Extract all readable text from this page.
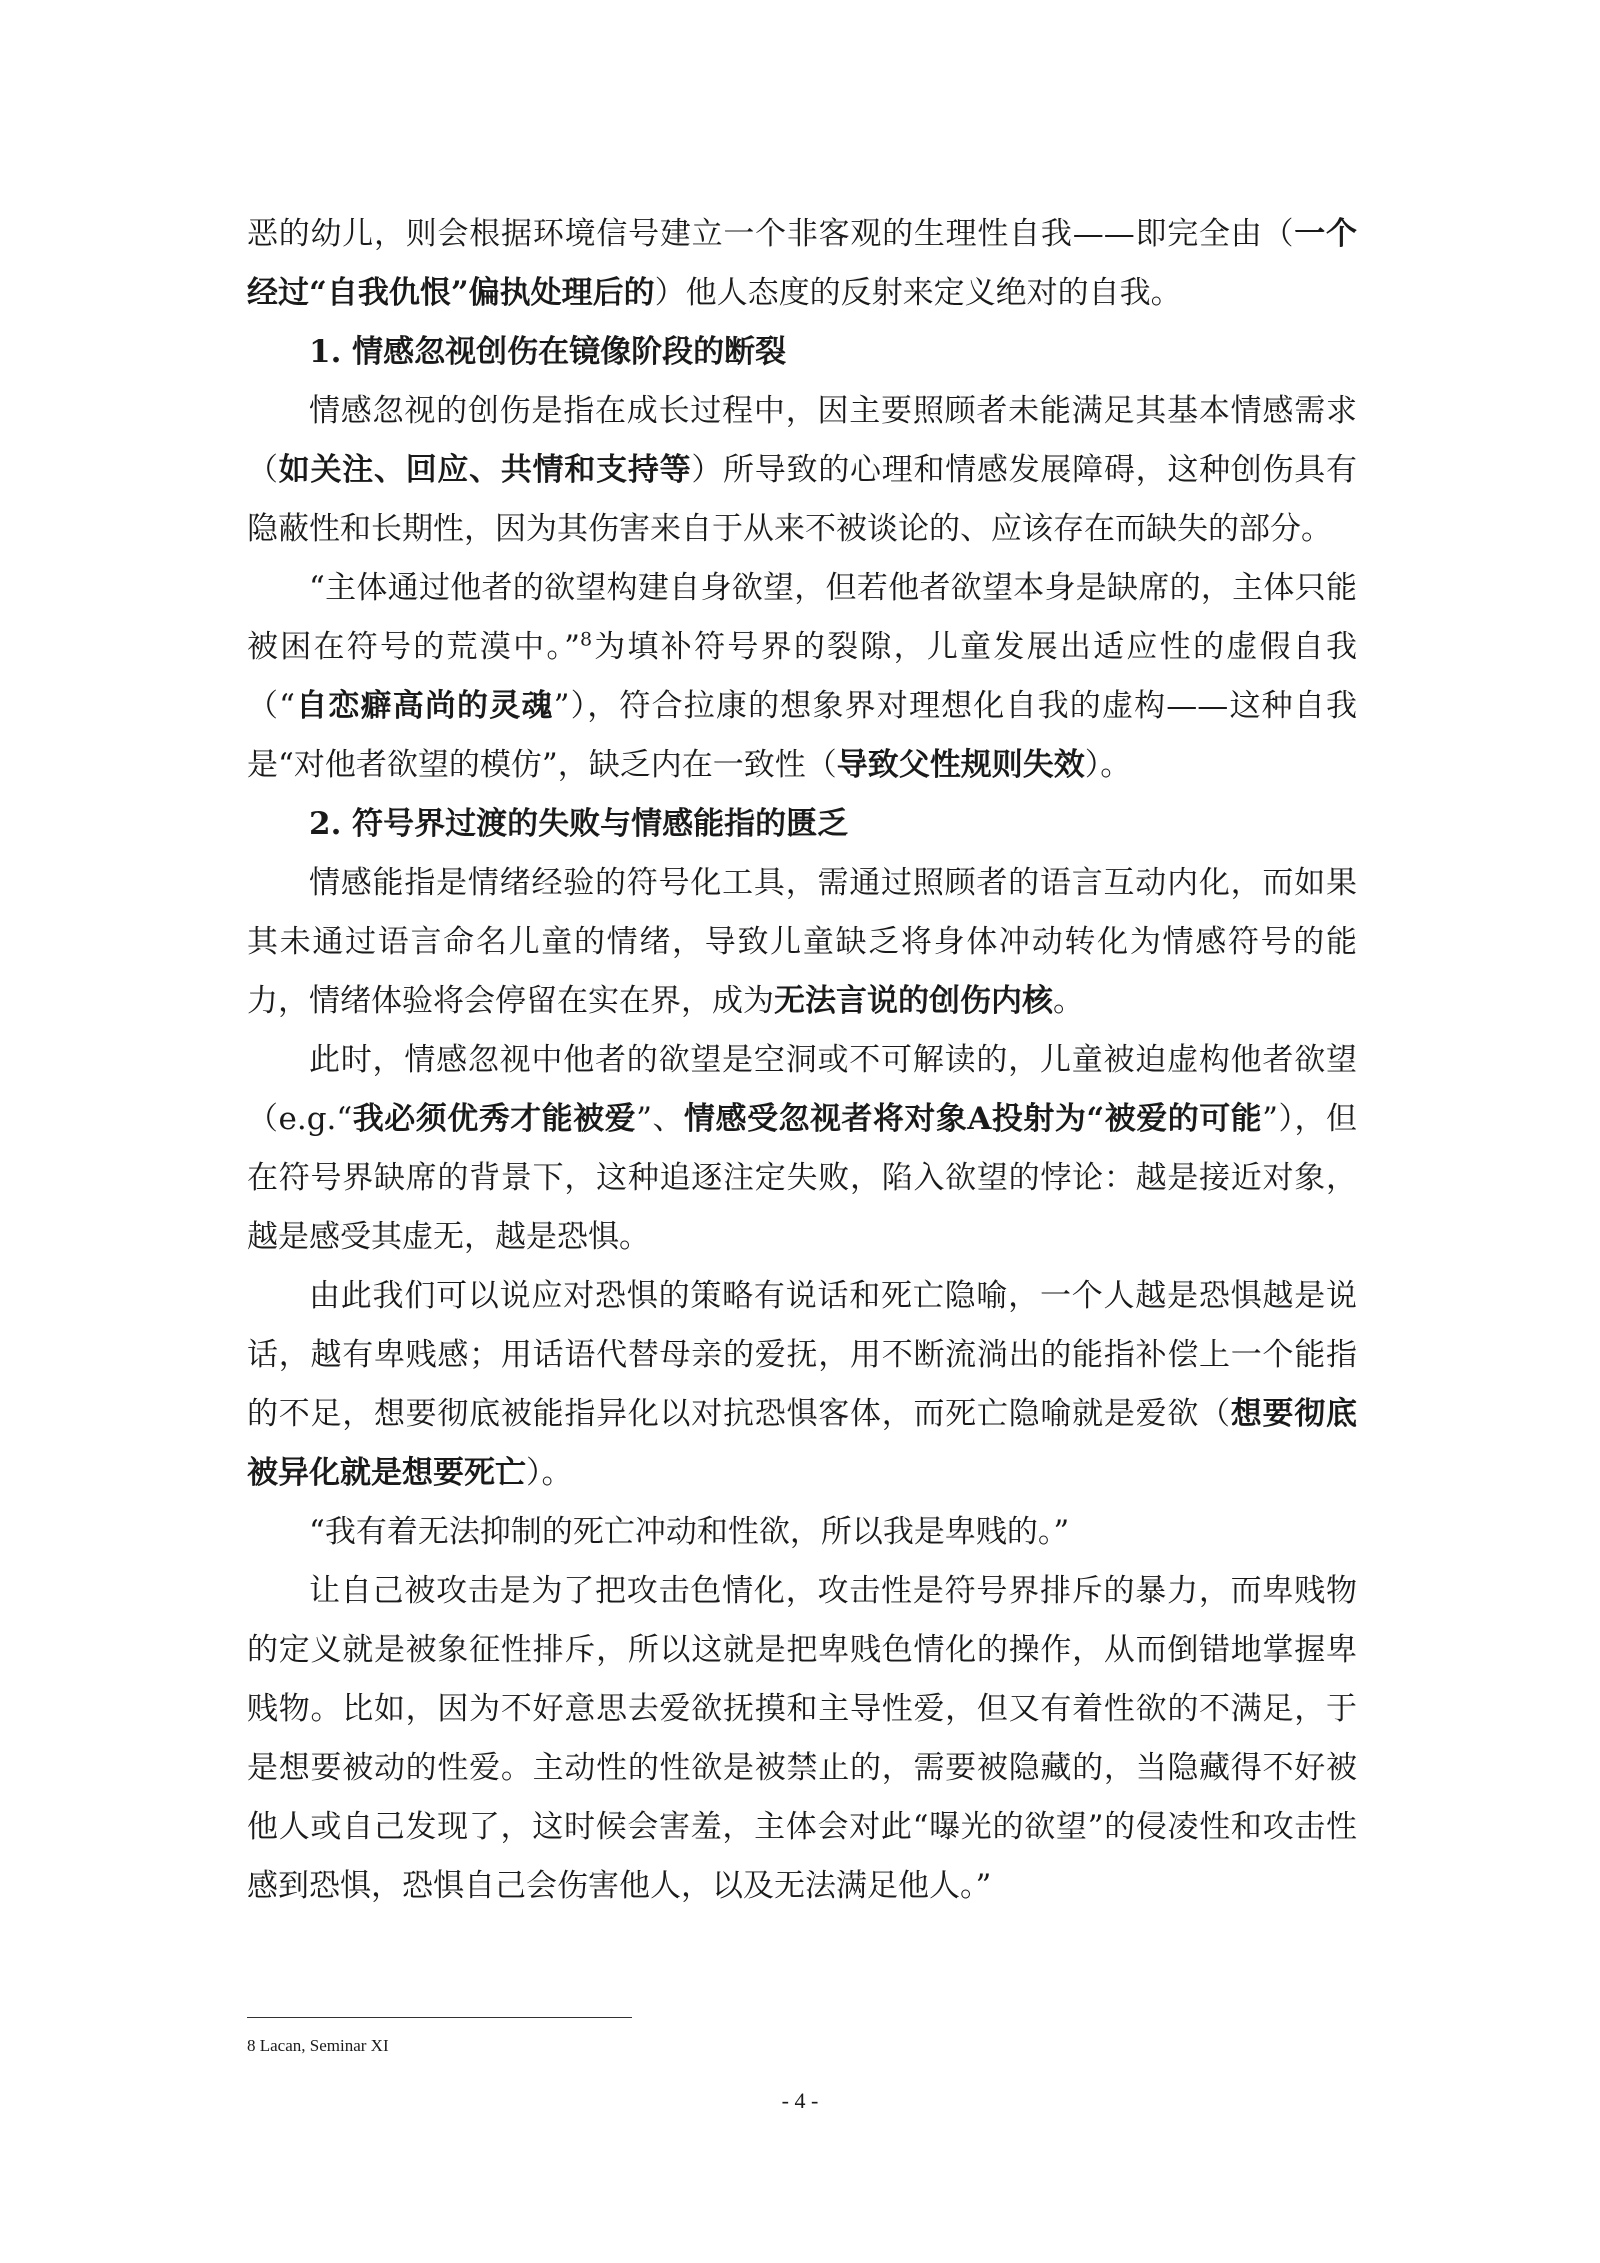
恶的幼儿，则会根据环境信号建立一个非客观的生理性自我——即完全由（一个经过“自我仇恨”偏执处理后的）他人态度的反射来定义绝对的自我。

1. 情感忽视创伤在镜像阶段的断裂

情感忽视的创伤是指在成长过程中，因主要照顾者未能满足其基本情感需求（如关注、回应、共情和支持等）所导致的心理和情感发展障碍，这种创伤具有隐蔽性和长期性，因为其伤害来自于从来不被谈论的、应该存在而缺失的部分。

“主体通过他者的欲望构建自身欲望，但若他者欲望本身是缺席的，主体只能被困在符号的荒漠中。”$^8$为填补符号界的裂隙，儿童发展出适应性的虚假自我（“自恋癖高尚的灵魂”），符合拉康的想象界对理想化自我的虚构——这种自我是“对他者欲望的模仿”，缺乏内在一致性（导致父性规则失效）。

2. 符号界过渡的失败与情感能指的匮乏

情感能指是情绪经验的符号化工具，需通过照顾者的语言互动内化，而如果其未通过语言命名儿童的情绪，导致儿童缺乏将身体冲动转化为情感符号的能力，情绪体验将会停留在实在界，成为无法言说的创伤内核。

此时，情感忽视中他者的欲望是空洞或不可解读的，儿童被迫虚构他者欲望（e.g.“我必须优秀才能被爱”、情感受忽视者将对象A投射为“被爱的可能”），但在符号界缺席的背景下，这种追逐注定失败，陷入欲望的悖论：越是接近对象，越是感受其虚无，越是恐惧。

由此我们可以说应对恐惧的策略有说话和死亡隐喻，一个人越是恐惧越是说话，越有卑贱感；用话语代替母亲的爱抚，用不断流淌出的能指补偿上一个能指的不足，想要彻底被能指异化以对抗恐惧客体，而死亡隐喻就是爱欲（想要彻底被异化就是想要死亡）。

“我有着无法抑制的死亡冲动和性欲，所以我是卑贱的。”

让自己被攻击是为了把攻击色情化，攻击性是符号界排斥的暴力，而卑贱物的定义就是被象征性排斥，所以这就是把卑贱色情化的操作，从而倒错地掌握卑贱物。比如，因为不好意思去爱欲抚摸和主导性爱，但又有着性欲的不满足，于是想要被动的性爱。主动性的性欲是被禁止的，需要被隐藏的，当隐藏得不好被他人或自己发现了，这时候会害羞，主体会对此“曝光的欲望”的侵凌性和攻击性感到恐惧，恐惧自己会伤害他人，以及无法满足他人。”

8 Lacan, Seminar XI
- 4 -
